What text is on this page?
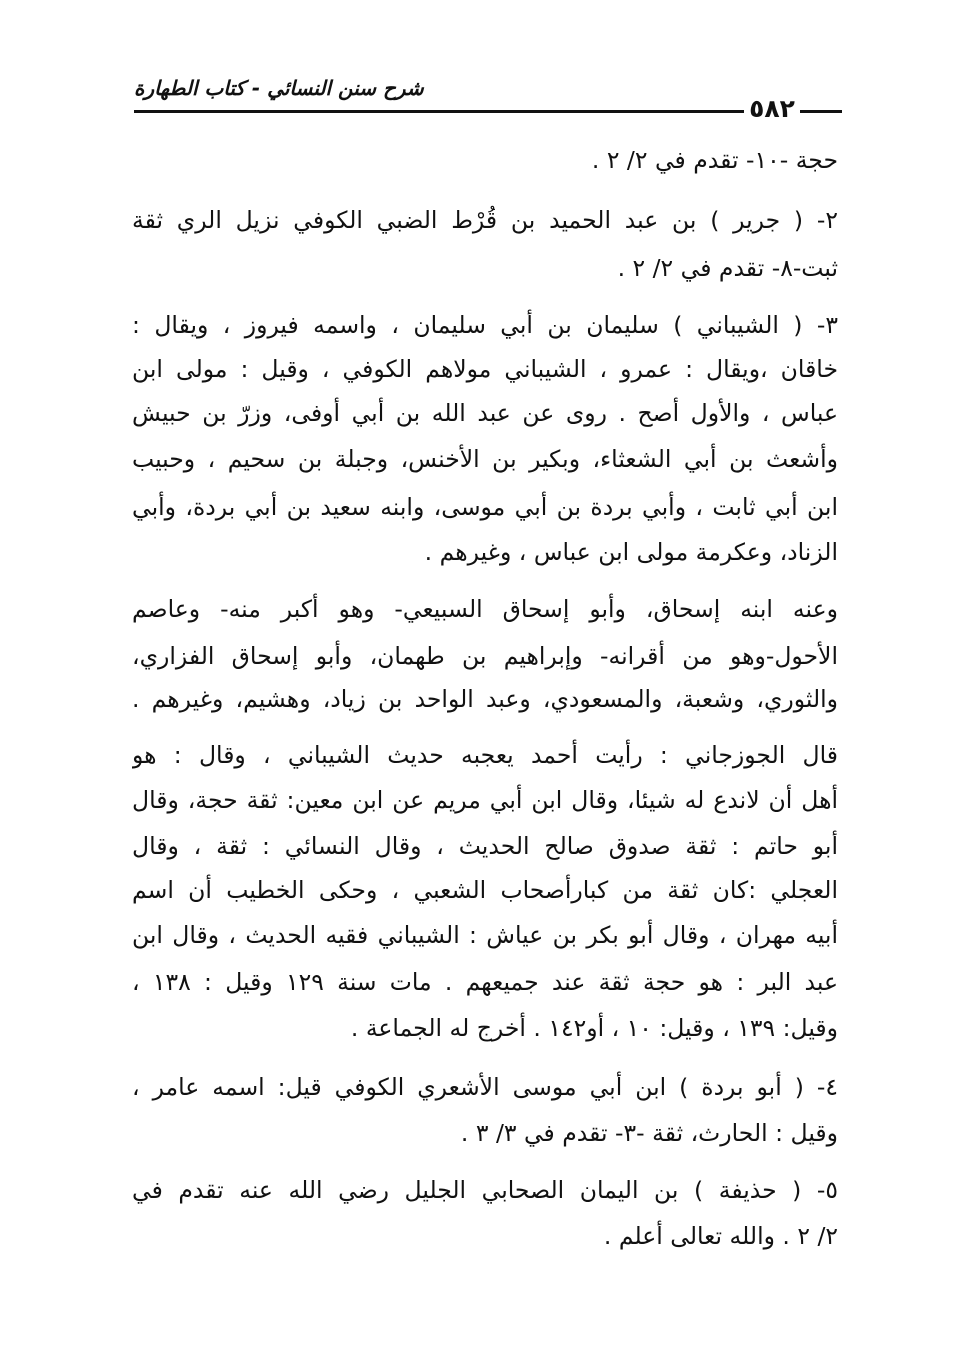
شرح سنن النسائي - كتاب الطهارة
٥٨٢
حجة -١٠- تقدم في ٢/ ٢ .
٢- ( جرير ) بن عبد الحميد بن قُرْط الضبي الكوفي نزيل الري ثقة
ثبت-٨- تقدم في ٢/ ٢ .
٣- ( الشيباني ) سليمان بن أبي سليمان ، واسمه فيروز ، ويقال :
خاقان ،ويقال : عمرو ، الشيباني مولاهم الكوفي ، وقيل : مولى ابن
عباس ، والأول أصح . روى عن عبد الله بن أبي أوفى، وزرّ بن حبيش
وأشعث بن أبي الشعثاء، وبكير بن الأخنس، وجبلة بن سحيم ، وحبيب
ابن أبي ثابت ، وأبي بردة بن أبي موسى، وابنه سعيد بن أبي بردة، وأبي
الزناد، وعكرمة مولى ابن عباس ، وغيرهم .
وعنه ابنه إسحاق، وأبو إسحاق السبيعي- وهو أكبر منه- وعاصم
الأحول-وهو من أقرانه- وإبراهيم بن طهمان، وأبو إسحاق الفزاري،
والثوري، وشعبة، والمسعودي، وعبد الواحد بن زياد، وهشيم، وغيرهم .
قال الجوزجاني : رأيت أحمد يعجبه حديث الشيباني ، وقال : هو
أهل أن لاندع له شيئا، وقال ابن أبي مريم عن ابن معين: ثقة حجة، وقال
أبو حاتم : ثقة صدوق صالح الحديث ، وقال النسائي : ثقة ، وقال
العجلي :كان ثقة من كبارأصحاب الشعبي ، وحكى الخطيب أن اسم
أبيه مهران ، وقال أبو بكر بن عياش : الشيباني فقيه الحديث ، وقال ابن
عبد البر : هو حجة ثقة عند جميعهم . مات سنة ١٢٩ وقيل : ١٣٨ ،
وقيل: ١٣٩ ، وقيل: ١٠ ، أو١٤٢ . أخرج له الجماعة .
٤- ( أبو بردة ) ابن أبي موسى الأشعري الكوفي قيل: اسمه عامر ،
وقيل : الحارث، ثقة -٣- تقدم في ٣/ ٣ .
٥- ( حذيفة ) بن اليمان الصحابي الجليل رضي الله عنه تقدم في
٢/ ٢ . والله تعالى أعلم .
